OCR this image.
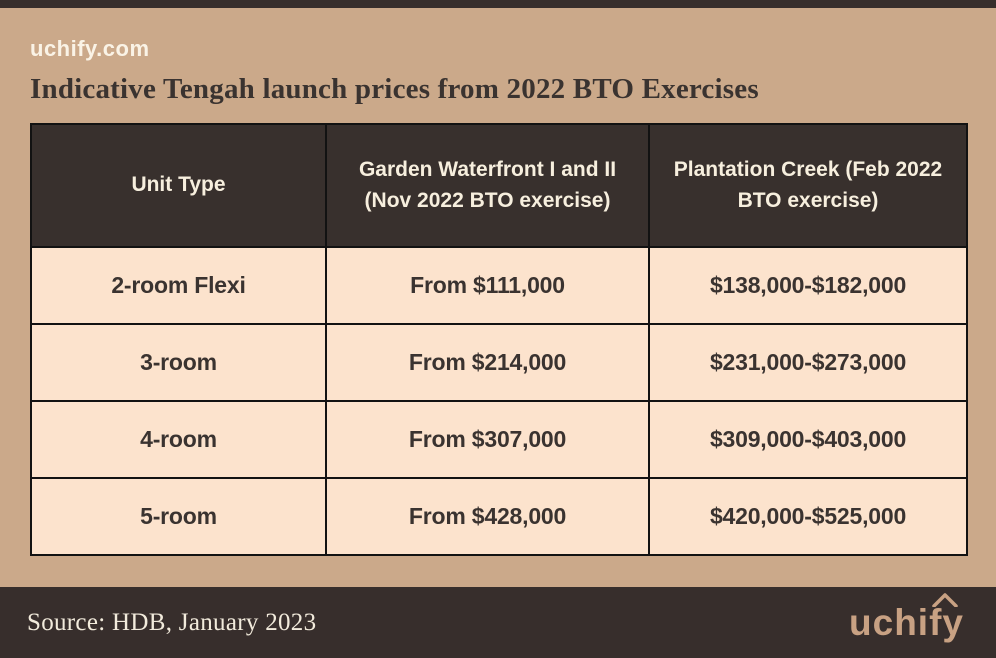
uchify.com
Indicative Tengah launch prices from 2022 BTO Exercises
Unit Type	Garden Waterfront I and II (Nov 2022 BTO exercise)	Plantation Creek (Feb 2022 BTO exercise)
2-room Flexi	From $111,000	$138,000-$182,000
3-room	From $214,000	$231,000-$273,000
4-room	From $307,000	$309,000-$403,000
5-room	From $428,000	$420,000-$525,000
Source: HDB, January 2023	uchify
